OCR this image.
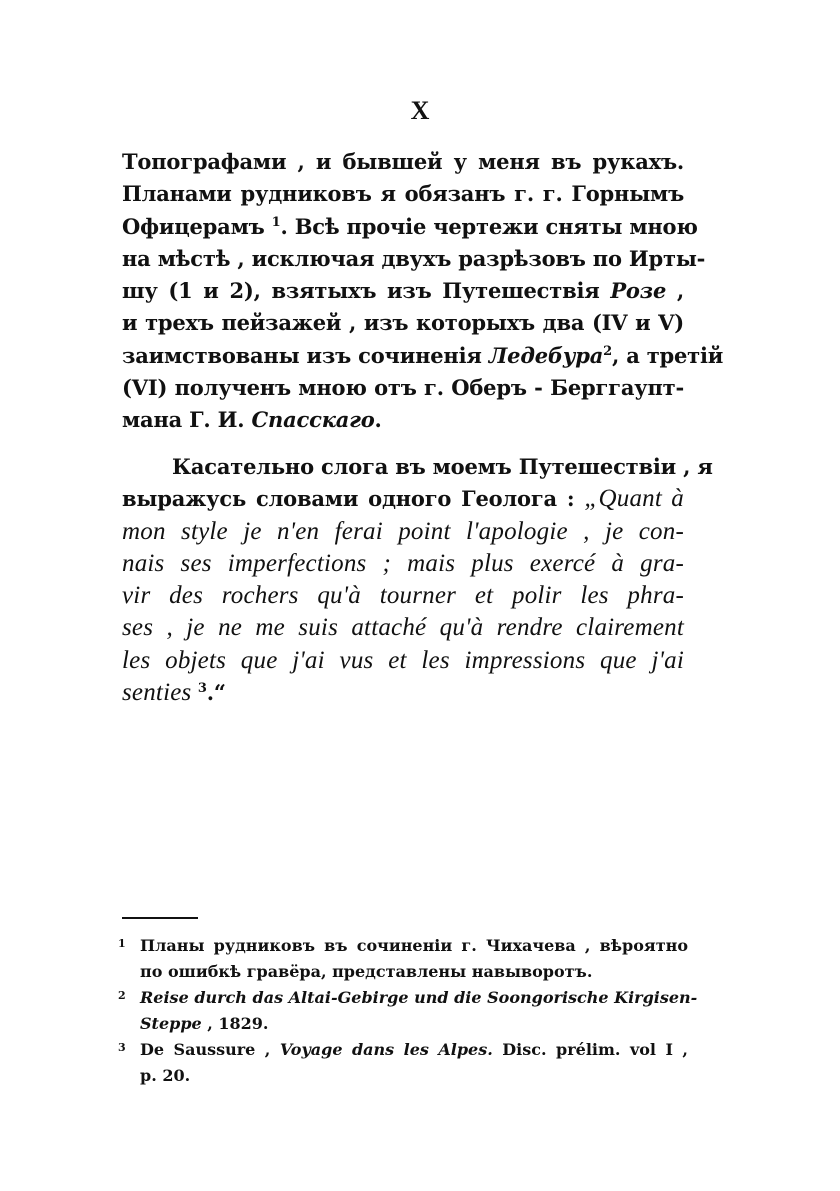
X
Топографами , и бывшей у меня въ рукахъ.
Планами рудниковъ я обязанъ г. г. Горнымъ
Офицерамъ $^1$. Всѣ прочіе чертежи сняты мною
на мѣстѣ , исключая двухъ разрѣзовъ по Ирты-
шу (1 и 2), взятыхъ изъ Путешествія Розе ,
и трехъ пейзажей , изъ которыхъ два (IV и V)
заимствованы изъ сочиненія Ледебура$^2$, а третій
(VI) полученъ мною отъ г. Оберъ - Берггаупт-
мана Г. И. Спасскаго.
Касательно слога въ моемъ Путешествіи , я
выражусь словами одного Геолога : „Quant à
mon style je n'en ferai point l'apologie , je con-
nais ses imperfections ; mais plus exercé à gra-
vir des rochers qu'à tourner et polir les phra-
ses , je ne me suis attaché qu'à rendre clairement
les objets que j'ai vus et les impressions que j'ai
senties $^3$.“
1 Планы рудниковъ въ сочиненіи г. Чихачева , вѣроятно
по ошибкѣ гравёра, представлены навыворотъ.
2 Reise durch das Altai-Gebirge und die Soongorische Kirgisen-
Steppe , 1829.
3 De Saussure , Voyage dans les Alpes. Disc. prélim. vol I ,
p. 20.
